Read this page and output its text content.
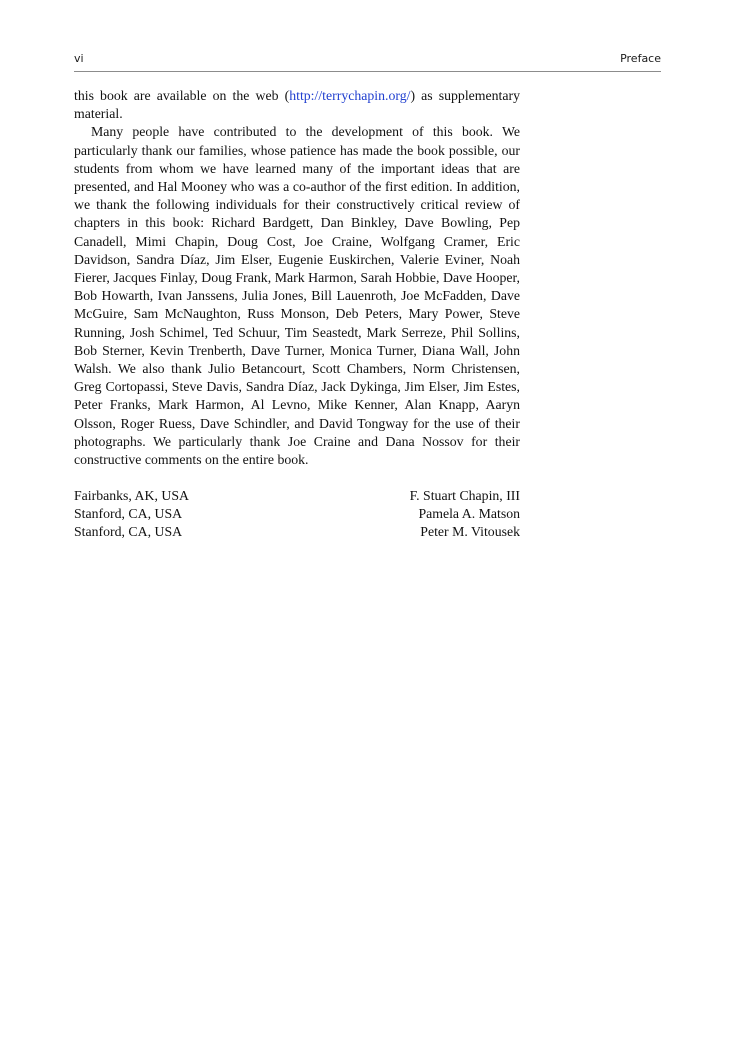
vi	Preface

this book are available on the web (http://terrychapin.org/) as supplementary material.

Many people have contributed to the development of this book. We particularly thank our families, whose patience has made the book possible, our students from whom we have learned many of the important ideas that are presented, and Hal Mooney who was a co-author of the first edition. In addition, we thank the following individuals for their constructively critical review of chapters in this book: Richard Bardgett, Dan Binkley, Dave Bowling, Pep Canadell, Mimi Chapin, Doug Cost, Joe Craine, Wolfgang Cramer, Eric Davidson, Sandra Díaz, Jim Elser, Eugenie Euskirchen, Valerie Eviner, Noah Fierer, Jacques Finlay, Doug Frank, Mark Harmon, Sarah Hobbie, Dave Hooper, Bob Howarth, Ivan Janssens, Julia Jones, Bill Lauenroth, Joe McFadden, Dave McGuire, Sam McNaughton, Russ Monson, Deb Peters, Mary Power, Steve Running, Josh Schimel, Ted Schuur, Tim Seastedt, Mark Serreze, Phil Sollins, Bob Sterner, Kevin Trenberth, Dave Turner, Monica Turner, Diana Wall, John Walsh. We also thank Julio Betancourt, Scott Chambers, Norm Christensen, Greg Cortopassi, Steve Davis, Sandra Díaz, Jack Dykinga, Jim Elser, Jim Estes, Peter Franks, Mark Harmon, Al Levno, Mike Kenner, Alan Knapp, Aaryn Olsson, Roger Ruess, Dave Schindler, and David Tongway for the use of their photographs. We particularly thank Joe Craine and Dana Nossov for their constructive comments on the entire book.

Fairbanks, AK, USA	F. Stuart Chapin, III
Stanford, CA, USA	Pamela A. Matson
Stanford, CA, USA	Peter M. Vitousek
